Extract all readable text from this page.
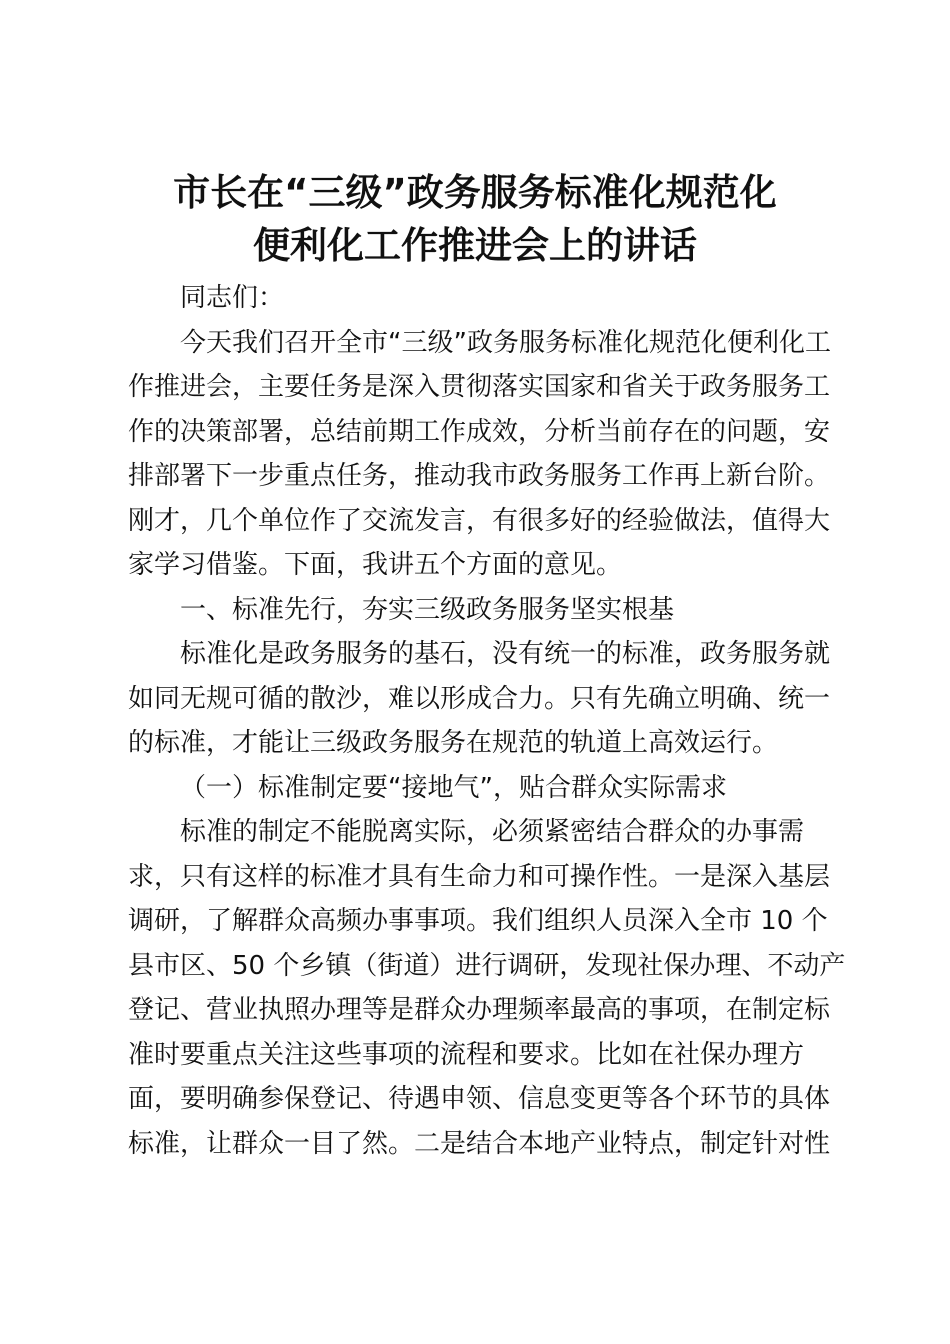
市长在“三级”政务服务标准化规范化
便利化工作推进会上的讲话
同志们：
今天我们召开全市“三级”政务服务标准化规范化便利化工
作推进会，主要任务是深入贯彻落实国家和省关于政务服务工
作的决策部署，总结前期工作成效，分析当前存在的问题，安
排部署下一步重点任务，推动我市政务服务工作再上新台阶。
刚才，几个单位作了交流发言，有很多好的经验做法，值得大
家学习借鉴。下面，我讲五个方面的意见。
一、标准先行，夯实三级政务服务坚实根基
标准化是政务服务的基石，没有统一的标准，政务服务就
如同无规可循的散沙，难以形成合力。只有先确立明确、统一
的标准，才能让三级政务服务在规范的轨道上高效运行。
（一）标准制定要“接地气”，贴合群众实际需求
标准的制定不能脱离实际，必须紧密结合群众的办事需
求，只有这样的标准才具有生命力和可操作性。一是深入基层
调研，了解群众高频办事事项。我们组织人员深入全市 10 个
县市区、50 个乡镇（街道）进行调研，发现社保办理、不动产
登记、营业执照办理等是群众办理频率最高的事项，在制定标
准时要重点关注这些事项的流程和要求。比如在社保办理方
面，要明确参保登记、待遇申领、信息变更等各个环节的具体
标准，让群众一目了然。二是结合本地产业特点，制定针对性
